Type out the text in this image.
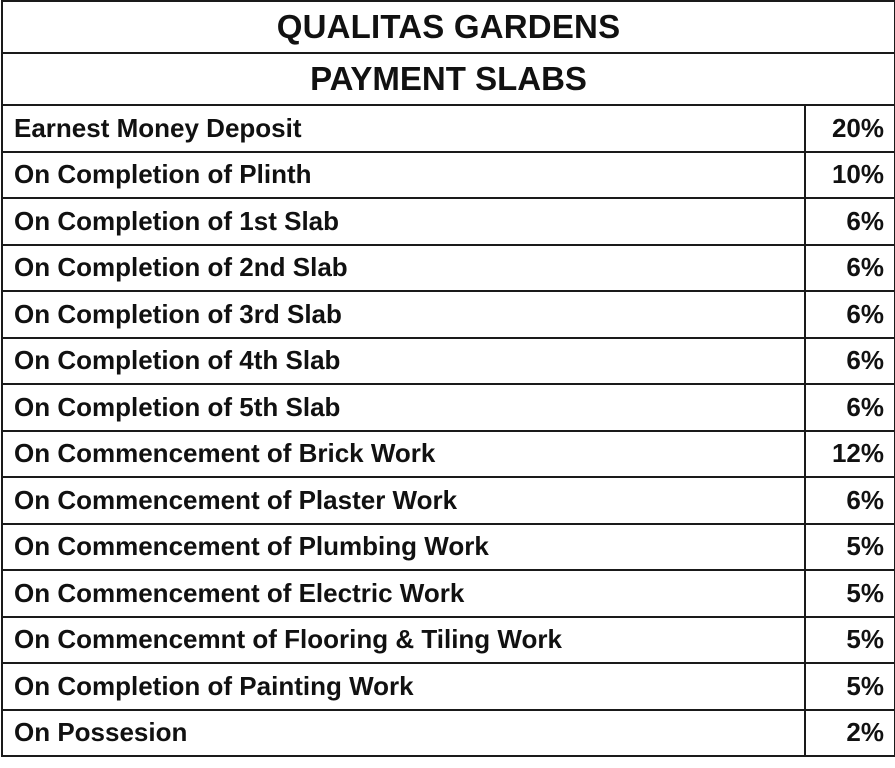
QUALITAS GARDENS	
PAYMENT SLABS	
Earnest Money Deposit	20%
On Completion of Plinth	10%
On Completion of 1st Slab	6%
On Completion of 2nd Slab	6%
On Completion of 3rd Slab	6%
On Completion of 4th Slab	6%
On Completion of 5th Slab	6%
On Commencement of Brick Work	12%
On Commencement of Plaster Work	6%
On Commencement of Plumbing Work	5%
On Commencement of Electric Work	5%
On Commencemnt of Flooring & Tiling Work	5%
On Completion of Painting Work	5%
On Possesion	2%
